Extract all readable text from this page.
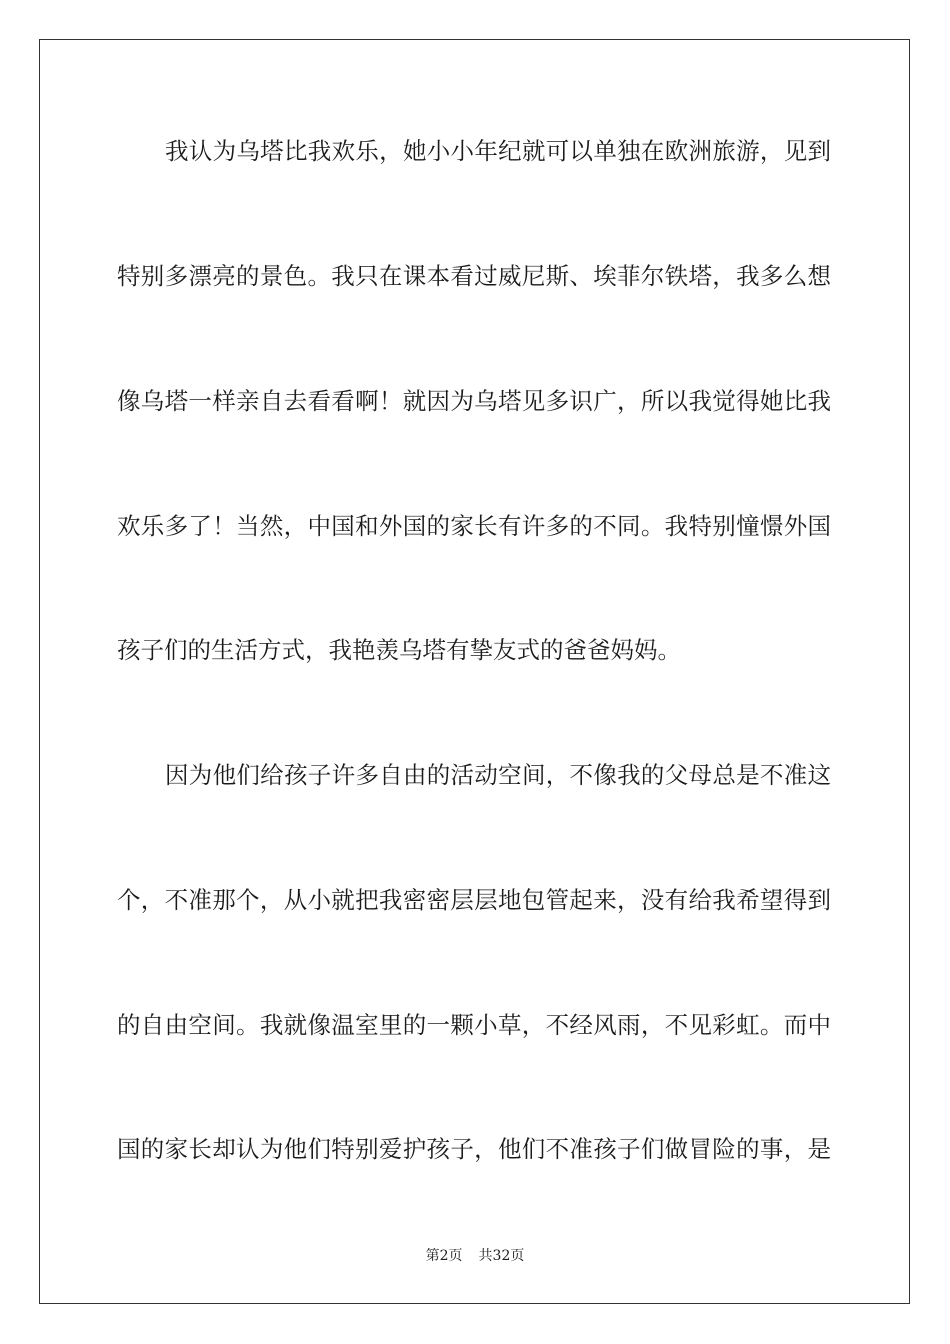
我认为乌塔比我欢乐，她小小年纪就可以单独在欧洲旅游，见到
特别多漂亮的景色。我只在课本看过威尼斯、埃菲尔铁塔，我多么想
像乌塔一样亲自去看看啊！就因为乌塔见多识广，所以我觉得她比我
欢乐多了！当然，中国和外国的家长有许多的不同。我特别憧憬外国
孩子们的生活方式，我艳羡乌塔有挚友式的爸爸妈妈。
因为他们给孩子许多自由的活动空间，不像我的父母总是不准这
个，不准那个，从小就把我密密层层地包管起来，没有给我希望得到
的自由空间。我就像温室里的一颗小草，不经风雨，不见彩虹。而中
国的家长却认为他们特别爱护孩子，他们不准孩子们做冒险的事，是
第2页 共32页
